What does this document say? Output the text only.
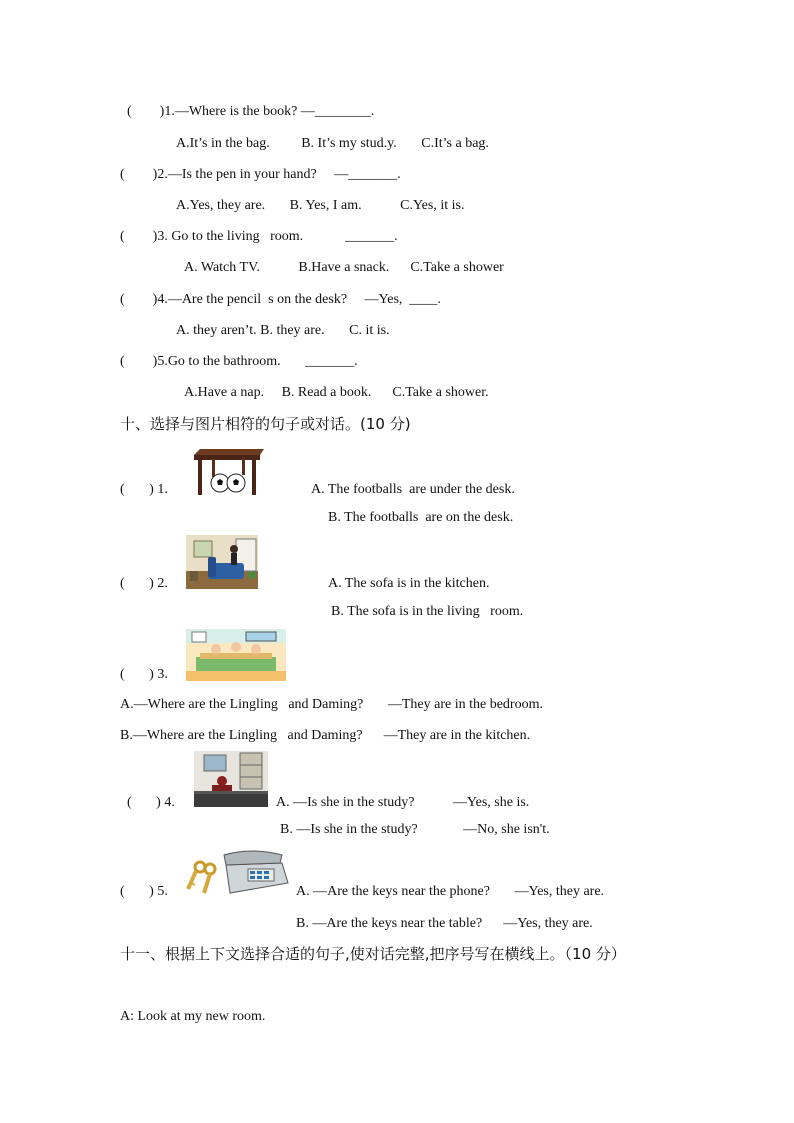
(        )1.—Where is the book? —________.
A.It’s in the bag.         B. It’s my stud.y.       C.It’s a bag.
(        )2.—Is the pen in your hand?     —_______.
A.Yes, they are.       B. Yes, I am.           C.Yes, it is.
(        )3. Go to the living   room.            _______.
A. Watch TV.           B.Have a snack.      C.Take a shower
(        )4.—Are the pencil  s on the desk?     —Yes,  ____.
A. they aren’t. B. they are.       C. it is.
(        )5.Go to the bathroom.       _______.
A.Have a nap.     B. Read a book.      C.Take a shower.
十、选择与图片相符的句子或对话。(10 分)
(       ) 1.	A. The footballs  are under the desk.
B. The footballs  are on the desk.
(       ) 2.	A. The sofa is in the kitchen.
B. The sofa is in the living   room.
(       ) 3.
A.—Where are the Lingling   and Daming?       —They are in the bedroom.
B.—Where are the Lingling   and Daming?      —They are in the kitchen.
(       ) 4.	A. —Is she in the study?           —Yes, she is.
B. —Is she in the study?             —No, she isn't.
(       ) 5.	A. —Are the keys near the phone?       —Yes, they are.
B. —Are the keys near the table?      —Yes, they are.
十一、根据上下文选择合适的句子,使对话完整,把序号写在横线上。（10 分）
A: Look at my new room.
